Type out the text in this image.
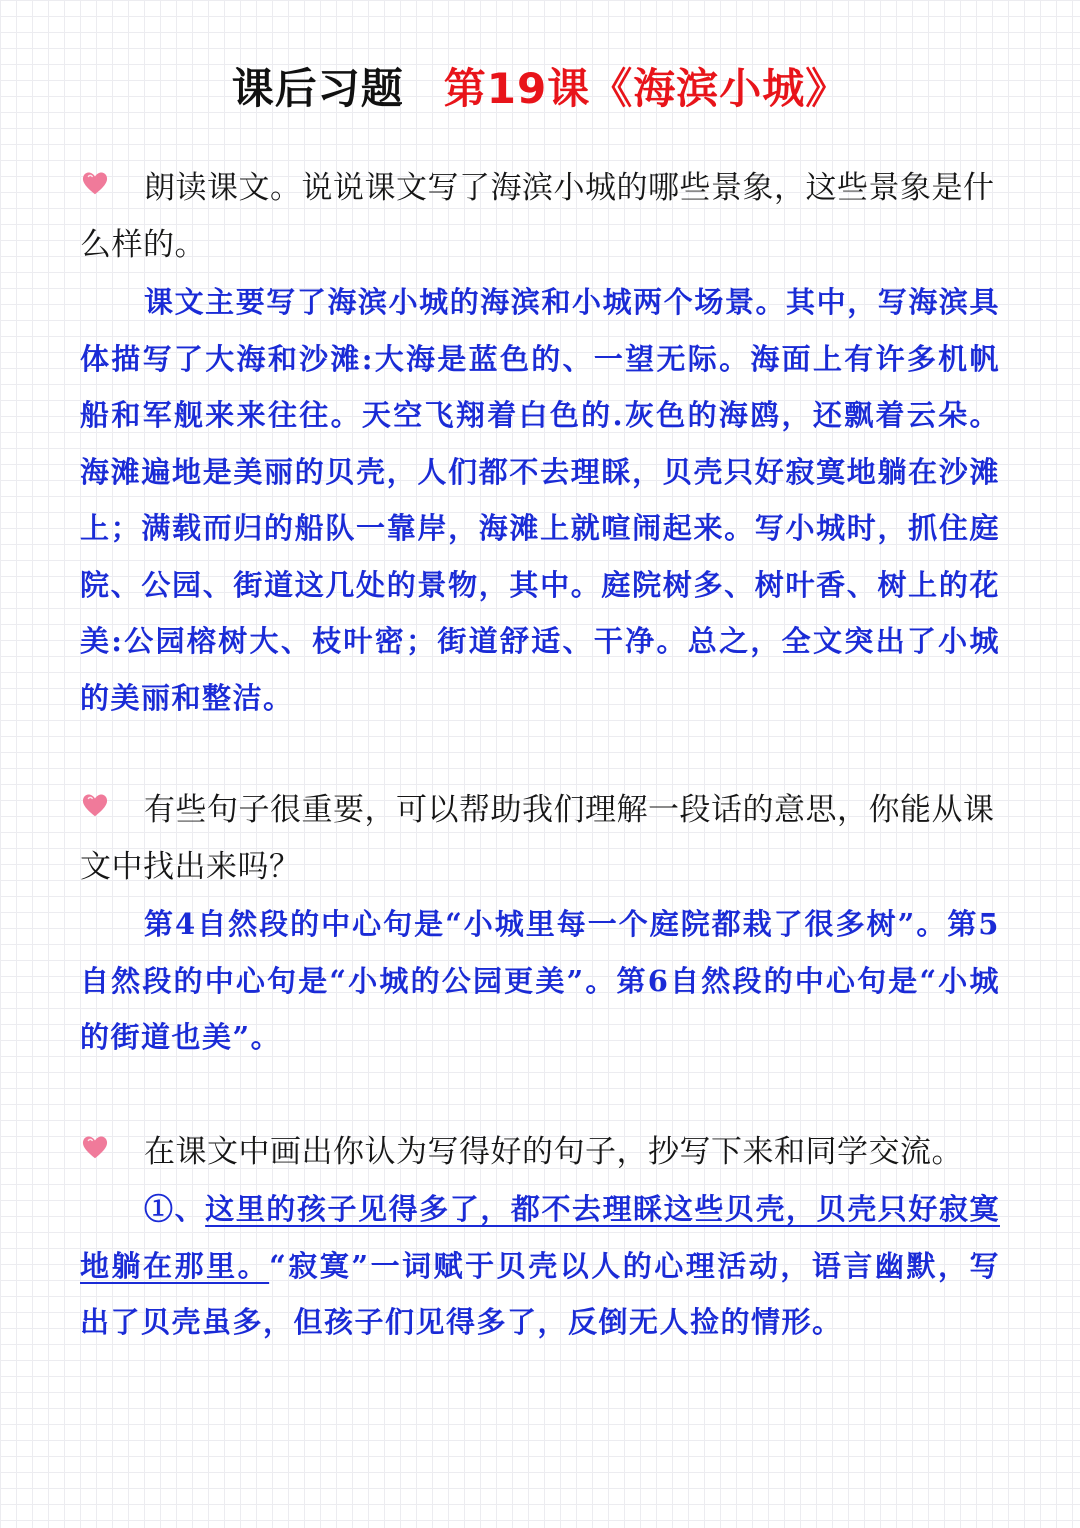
课后习题 第19课《海滨小城》
朗读课文。说说课文写了海滨小城的哪些景象，这些景象是什么样的。
课文主要写了海滨小城的海滨和小城两个场景。其中，写海滨具体描写了大海和沙滩:大海是蓝色的、一望无际。海面上有许多机帆船和军舰来来往往。天空飞翔着白色的.灰色的海鸥，还飘着云朵。海滩遍地是美丽的贝壳，人们都不去理睬，贝壳只好寂寞地躺在沙滩上；满载而归的船队一靠岸，海滩上就喧闹起来。写小城时，抓住庭院、公园、街道这几处的景物，其中。庭院树多、树叶香、树上的花美:公园榕树大、枝叶密；街道舒适、干净。总之，全文突出了小城的美丽和整洁。
有些句子很重要，可以帮助我们理解一段话的意思，你能从课文中找出来吗？
第4自然段的中心句是“小城里每一个庭院都栽了很多树”。第5自然段的中心句是“小城的公园更美”。第6自然段的中心句是“小城的街道也美”。
在课文中画出你认为写得好的句子，抄写下来和同学交流。
①、这里的孩子见得多了，都不去理睬这些贝壳，贝壳只好寂寞地躺在那里。“寂寞”一词赋于贝壳以人的心理活动，语言幽默，写出了贝壳虽多，但孩子们见得多了，反倒无人捡的情形。
